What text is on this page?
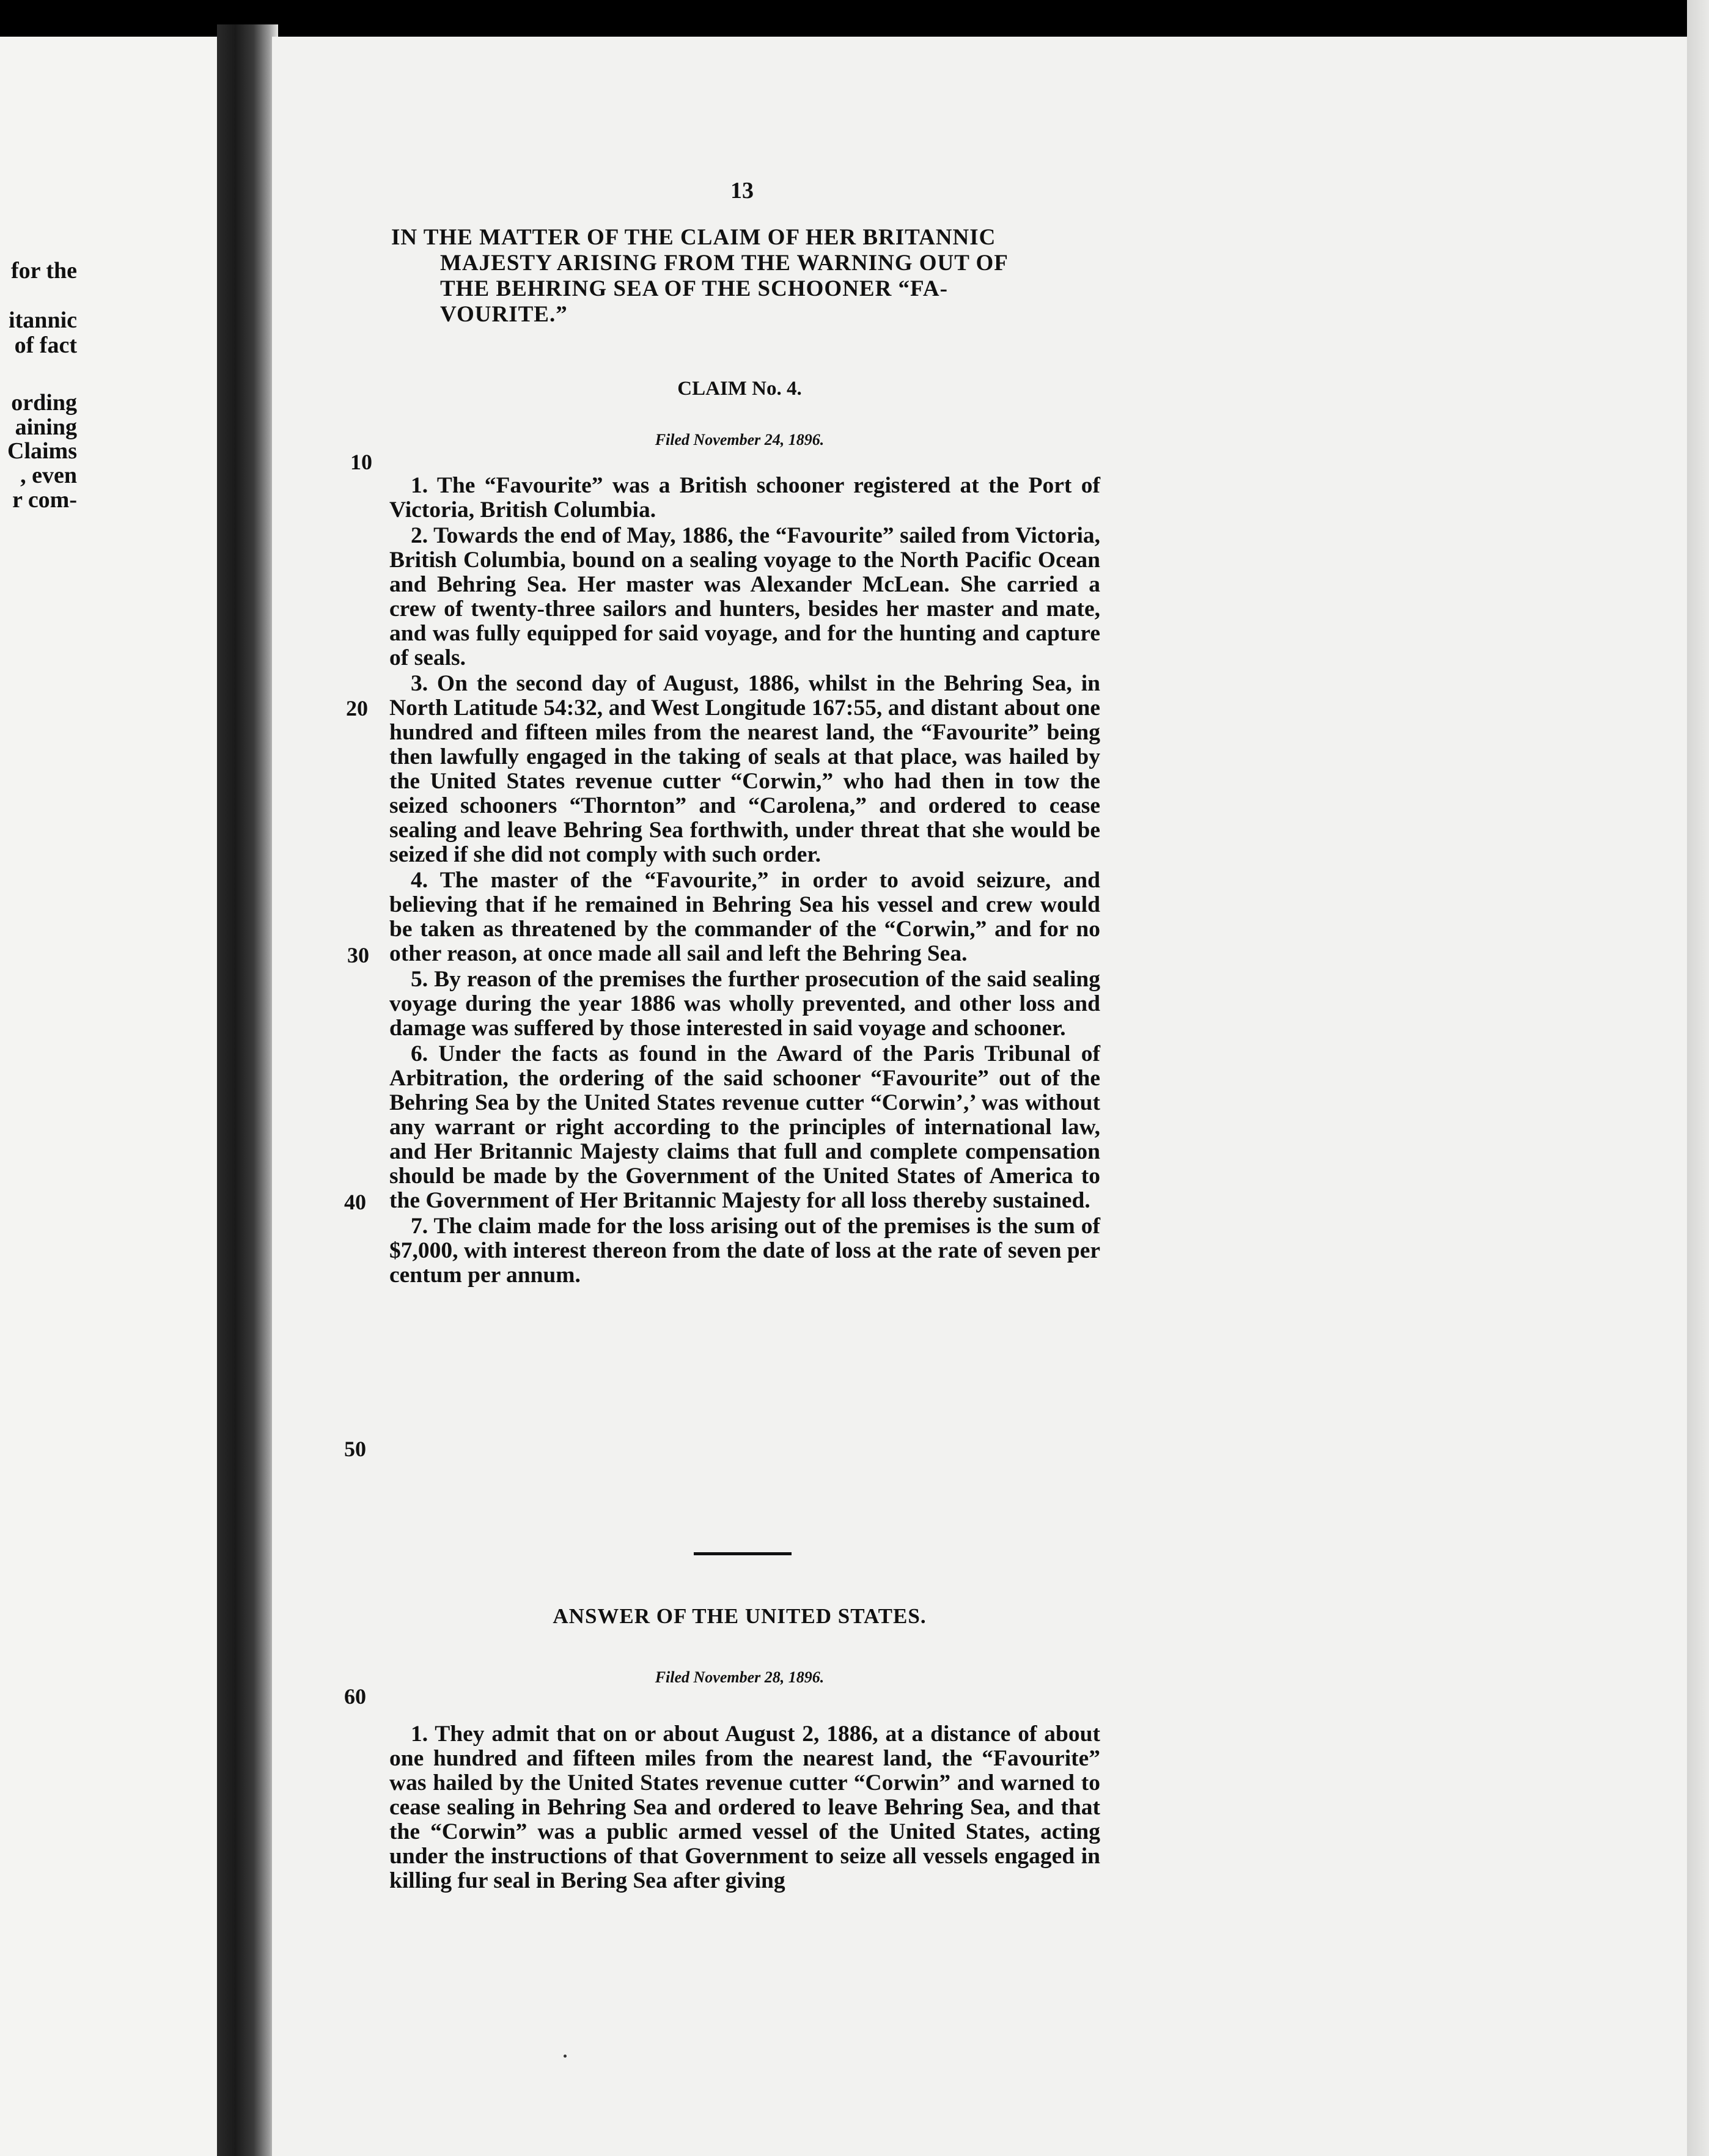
for the
itannic
of fact
ording
aining
Claims
, even
r com-
13
IN THE MATTER OF THE CLAIM OF HER BRITANNIC
MAJESTY ARISING FROM THE WARNING OUT OF
THE BEHRING SEA OF THE SCHOONER “FA-
VOURITE.”
CLAIM No. 4.
Filed November 24, 1896.
10
20
30
40
50
60

1. The “Favourite” was a British schooner registered at the Port of Victoria, British Columbia.

2. Towards the end of May, 1886, the “Favourite” sailed from Victoria, British Columbia, bound on a sealing voyage to the North Pacific Ocean and Behring Sea. Her master was Alexander McLean. She carried a crew of twenty-three sailors and hunters, besides her master and mate, and was fully equipped for said voyage, and for the hunting and capture of seals.

3. On the second day of August, 1886, whilst in the Behring Sea, in North Latitude 54:32, and West Longitude 167:55, and distant about one hundred and fifteen miles from the nearest land, the “Favourite” being then lawfully engaged in the taking of seals at that place, was hailed by the United States revenue cutter “Corwin,” who had then in tow the seized schooners “Thornton” and “Carolena,” and ordered to cease sealing and leave Behring Sea forthwith, under threat that she would be seized if she did not comply with such order.

4. The master of the “Favourite,” in order to avoid seizure, and believing that if he remained in Behring Sea his vessel and crew would be taken as threatened by the commander of the “Corwin,” and for no other reason, at once made all sail and left the Behring Sea.

5. By reason of the premises the further prosecution of the said sealing voyage during the year 1886 was wholly prevented, and other loss and damage was suffered by those interested in said voyage and schooner.

6. Under the facts as found in the Award of the Paris Tribunal of Arbitration, the ordering of the said schooner “Favourite” out of the Behring Sea by the United States revenue cutter “Corwin’,’ was without any warrant or right according to the principles of international law, and Her Britannic Majesty claims that full and complete compensation should be made by the Government of the United States of America to the Government of Her Britannic Majesty for all loss thereby sustained.

7. The claim made for the loss arising out of the premises is the sum of $7,000, with interest thereon from the date of loss at the rate of seven per centum per annum.

ANSWER OF THE UNITED STATES.
Filed November 28, 1896.

1. They admit that on or about August 2, 1886, at a distance of about one hundred and fifteen miles from the nearest land, the “Favourite” was hailed by the United States revenue cutter “Corwin” and warned to cease sealing in Behring Sea and ordered to leave Behring Sea, and that the “Corwin” was a public armed vessel of the United States, acting under the instructions of that Government to seize all vessels engaged in killing fur seal in Bering Sea after giving
